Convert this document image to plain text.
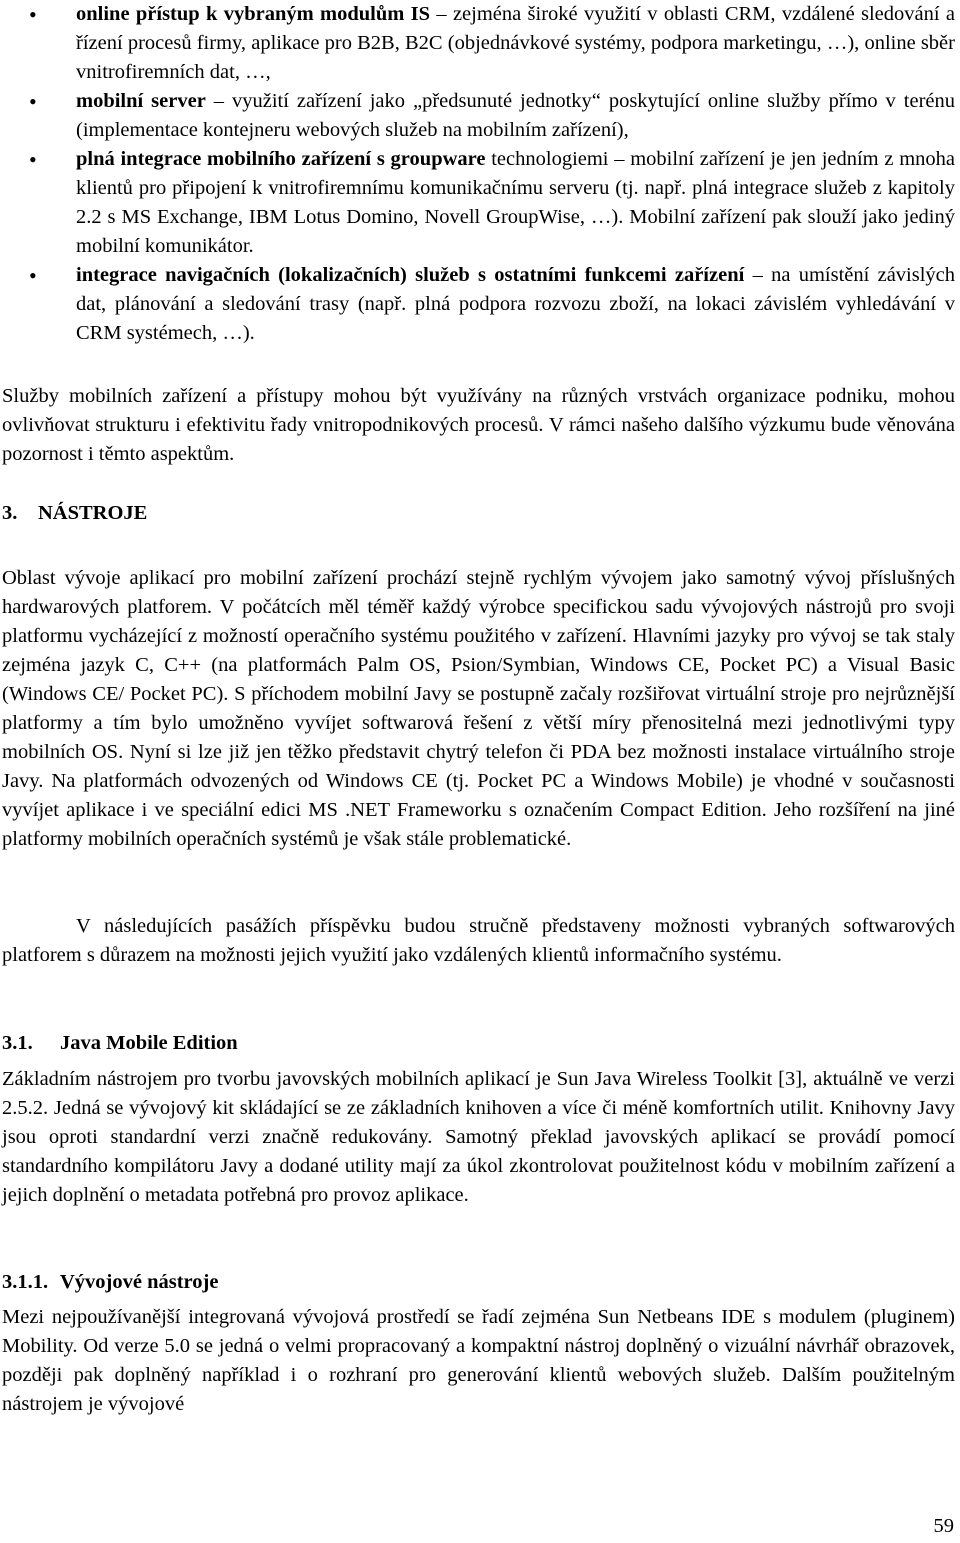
• online přístup k vybraným modulům IS – zejména široké využití v oblasti CRM, vzdálené sledování a řízení procesů firmy, aplikace pro B2B, B2C (objednávkové systémy, podpora marketingu, …), online sběr vnitrofiremních dat, …,
• mobilní server – využití zařízení jako „předsunuté jednotky“ poskytující online služby přímo v terénu (implementace kontejneru webových služeb na mobilním zařízení),
• plná integrace mobilního zařízení s groupware technologiemi – mobilní zařízení je jen jedním z mnoha klientů pro připojení k vnitrofiremnímu komunikačnímu serveru (tj. např. plná integrace služeb z kapitoly 2.2 s MS Exchange, IBM Lotus Domino, Novell GroupWise, …). Mobilní zařízení pak slouží jako jediný mobilní komunikátor.
• integrace navigačních (lokalizačních) služeb s ostatními funkcemi zařízení – na umístění závislých dat, plánování a sledování trasy (např. plná podpora rozvozu zboží, na lokaci závislém vyhledávání v CRM systémech, …).

Služby mobilních zařízení a přístupy mohou být využívány na různých vrstvách organizace podniku, mohou ovlivňovat strukturu i efektivitu řady vnitropodnikových procesů. V rámci našeho dalšího výzkumu bude věnována pozornost i těmto aspektům.

3. NÁSTROJE

Oblast vývoje aplikací pro mobilní zařízení prochází stejně rychlým vývojem jako samotný vývoj příslušných hardwarových platforem. V počátcích měl téměř každý výrobce specifickou sadu vývojových nástrojů pro svoji platformu vycházející z možností operačního systému použitého v zařízení. Hlavními jazyky pro vývoj se tak staly zejména jazyk C, C++ (na platformách Palm OS, Psion/Symbian, Windows CE, Pocket PC) a Visual Basic (Windows CE/ Pocket PC). S příchodem mobilní Javy se postupně začaly rozšiřovat virtuální stroje pro nejrůznější platformy a tím bylo umožněno vyvíjet softwarová řešení z větší míry přenositelná mezi jednotlivými typy mobilních OS. Nyní si lze již jen těžko představit chytrý telefon či PDA bez možnosti instalace virtuálního stroje Javy. Na platformách odvozených od Windows CE (tj. Pocket PC a Windows Mobile) je vhodné v současnosti vyvíjet aplikace i ve speciální edici MS .NET Frameworku s označením Compact Edition. Jeho rozšíření na jiné platformy mobilních operačních systémů je však stále problematické.

V následujících pasážích příspěvku budou stručně představeny možnosti vybraných softwarových platforem s důrazem na možnosti jejich využití jako vzdálených klientů informačního systému.

3.1. Java Mobile Edition

Základním nástrojem pro tvorbu javovských mobilních aplikací je Sun Java Wireless Toolkit [3], aktuálně ve verzi 2.5.2. Jedná se vývojový kit skládající se ze základních knihoven a více či méně komfortních utilit. Knihovny Javy jsou oproti standardní verzi značně redukovány. Samotný překlad javovských aplikací se provádí pomocí standardního kompilátoru Javy a dodané utility mají za úkol zkontrolovat použitelnost kódu v mobilním zařízení a jejich doplnění o metadata potřebná pro provoz aplikace.

3.1.1. Vývojové nástroje

Mezi nejpoužívanější integrovaná vývojová prostředí se řadí zejména Sun Netbeans IDE s modulem (pluginem) Mobility. Od verze 5.0 se jedná o velmi propracovaný a kompaktní nástroj doplněný o vizuální návrhář obrazovek, později pak doplněný například i o rozhraní pro generování klientů webových služeb. Dalším použitelným nástrojem je vývojové

59
